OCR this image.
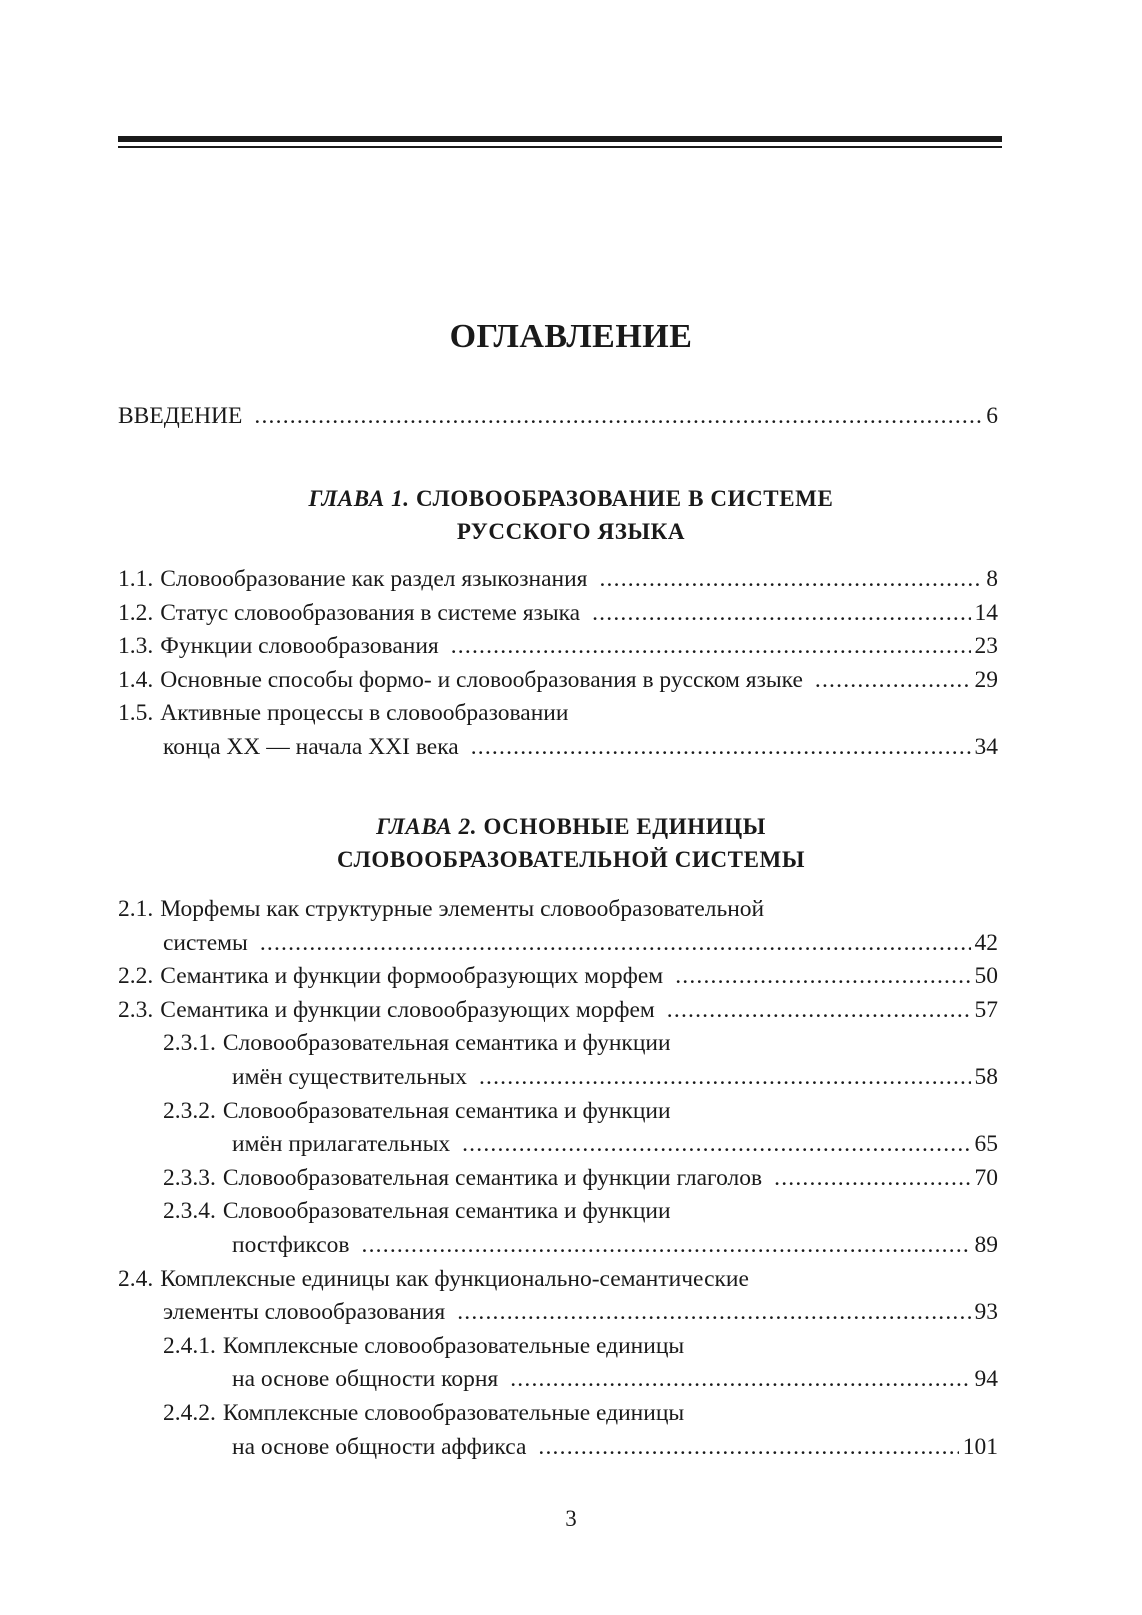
ОГЛАВЛЕНИЕ
ВВЕДЕНИЕ .....	6
ГЛАВА 1. СЛОВООБРАЗОВАНИЕ В СИСТЕМЕ
РУССКОГО ЯЗЫКА
1.1. Словообразование как раздел языкознания .....	8
1.2. Статус словообразования в системе языка .....	14
1.3. Функции словообразования .....	23
1.4. Основные способы формо- и словообразования в русском языке .....	29
1.5. Активные процессы в словообразовании
конца ХХ — начала ХХI века .....	34
ГЛАВА 2. ОСНОВНЫЕ ЕДИНИЦЫ
СЛОВООБРАЗОВАТЕЛЬНОЙ СИСТЕМЫ
2.1. Морфемы как структурные элементы словообразовательной
системы .....	42
2.2. Семантика и функции формообразующих морфем .....	50
2.3. Семантика и функции словообразующих морфем .....	57
2.3.1. Словообразовательная семантика и функции
имён существительных .....	58
2.3.2. Словообразовательная семантика и функции
имён прилагательных .....	65
2.3.3. Словообразовательная семантика и функции глаголов .....	70
2.3.4. Словообразовательная семантика и функции
постфиксов .....	89
2.4. Комплексные единицы как функционально-семантические
элементы словообразования .....	93
2.4.1. Комплексные словообразовательные единицы
на основе общности корня .....	94
2.4.2. Комплексные словообразовательные единицы
на основе общности аффикса .....	101
3
